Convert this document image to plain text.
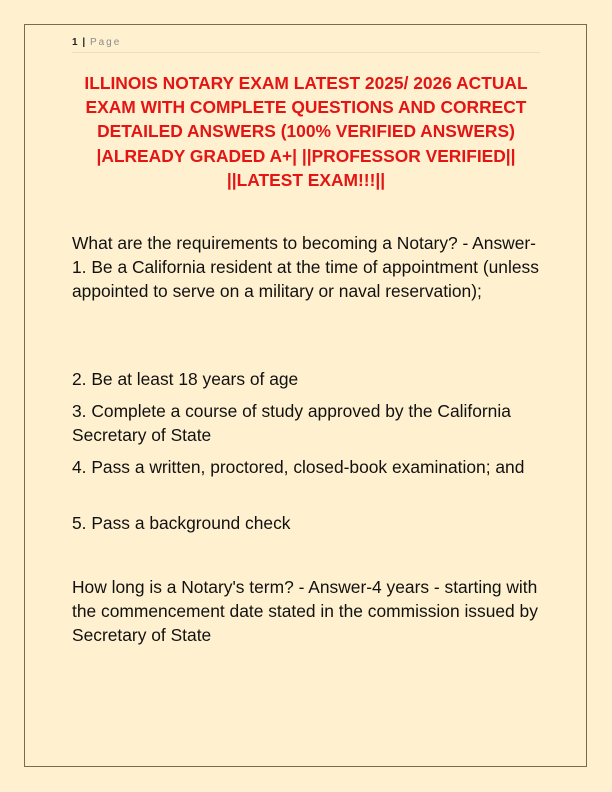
1 | Page
ILLINOIS NOTARY EXAM LATEST 2025/ 2026 ACTUAL EXAM WITH COMPLETE QUESTIONS AND CORRECT DETAILED ANSWERS (100% VERIFIED ANSWERS) |ALREADY GRADED A+| ||PROFESSOR VERIFIED|| ||LATEST EXAM!!!||
What are the requirements to becoming a Notary? - Answer-1. Be a California resident at the time of appointment (unless appointed to serve on a military or naval reservation);
2. Be at least 18 years of age
3. Complete a course of study approved by the California Secretary of State
4. Pass a written, proctored, closed-book examination; and
5. Pass a background check
How long is a Notary's term? - Answer-4 years - starting with the commencement date stated in the commission issued by Secretary of State
